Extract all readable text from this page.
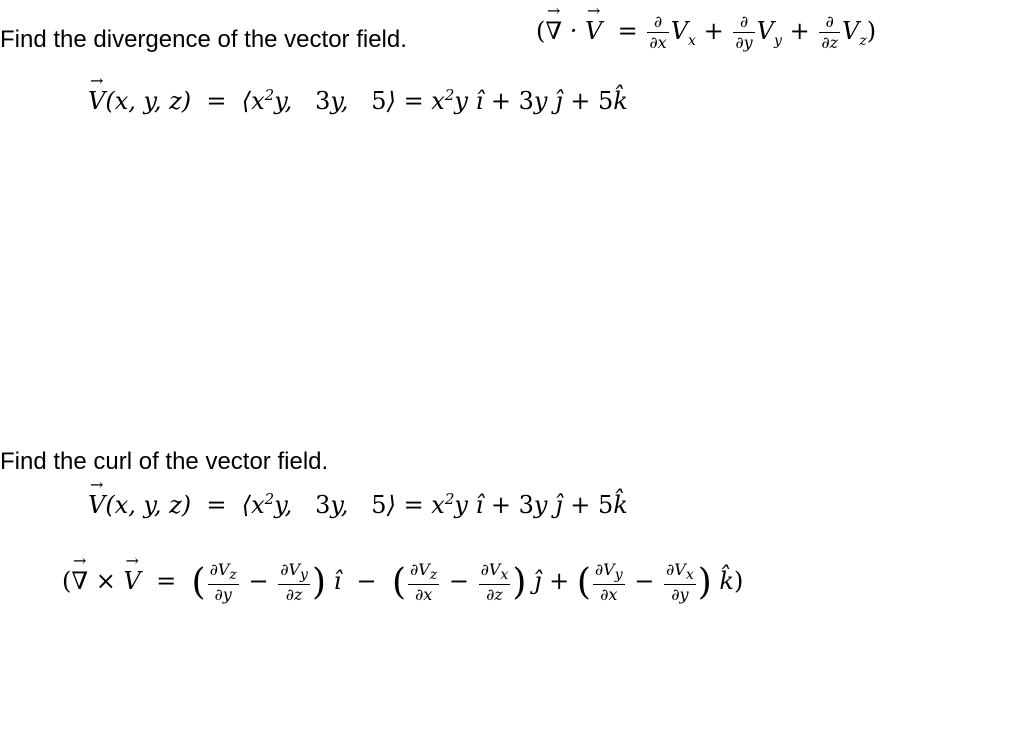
Find the divergence of the vector field.	(→ ∇ · → $V = \frac{\partial}{\partial x} V_x + \frac{\partial}{\partial y} V_y + \frac{\partial}{\partial z} V_z$)
→ V(x, y, $z) = ⟨x^2y$,   3y,   5⟩ = $x^2y$ î + 3y ĵ + 5k̂
Find the curl of the vector field.
→ V(x, y, $z) = ⟨x^2y$,   3y,   5⟩ = $x^2y$ î + 3y ĵ + 5k̂
(→ ∇ × → V  =  ( $\frac{\partial V_z}{\partial y} - \frac{\partial V_y}{\partial z}$ ) ı̂  −  ( $\frac{\partial V_z}{\partial x} - \frac{\partial V_x}{\partial z}$ ) ȷ̂ + ( $\frac{\partial V_y}{\partial x} - \frac{\partial V_x}{\partial y}$ ) k̂)
